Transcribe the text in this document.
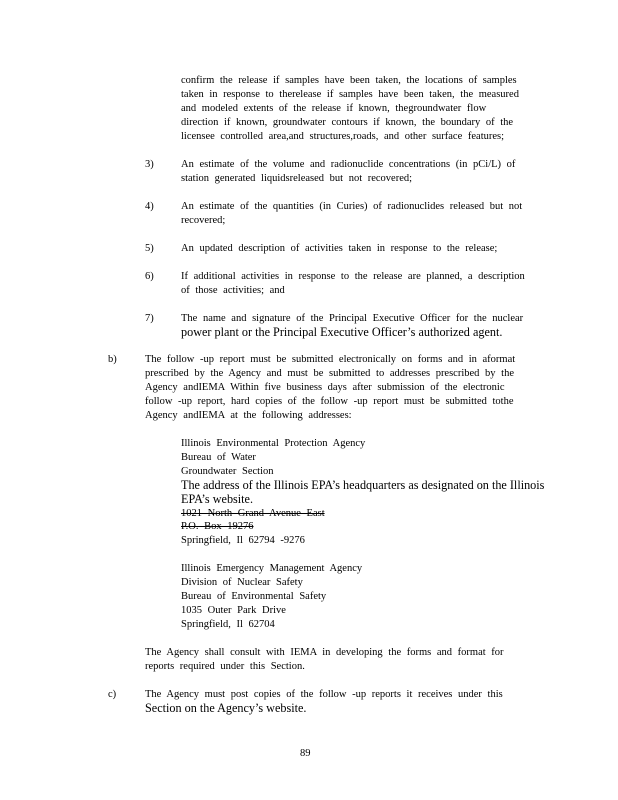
confirm the release if samples have been taken, the locations of samples
taken in response to therelease if samples have been taken, the measured
and modeled extents of the release if known, thegroundwater flow
direction if known, groundwater contours if known, the boundary of the
licensee controlled area,and structures,roads, and other surface features;
3)	An estimate of the volume and radionuclide concentrations (in pCi/L) of
station generated liquidsreleased but not recovered;
4)	An estimate of the quantities (in Curies) of radionuclides released but not
recovered;
5)	An updated description of activities taken in response to the release;
6)	If additional activities in response to the release are planned, a description
of those activities; and
7)	The name and signature of the Principal Executive Officer for the nuclear
power plant or the Principal Executive Officer’s authorized agent.
b)	The follow -up report must be submitted electronically on forms and in aformat
prescribed by the Agency and must be submitted to addresses prescribed by the
Agency andIEMA Within five business days after submission of the electronic
follow -up report, hard copies of the follow -up report must be submitted tothe
Agency andIEMA at the following addresses:
Illinois Environmental Protection Agency
Bureau of Water
Groundwater Section
The address of the Illinois EPA’s headquarters as designated on the Illinois
EPA’s website.
1021 North Grand Avenue East
P.O. Box 19276
Springfield, Il 62794 -9276
Illinois Emergency Management Agency
Division of Nuclear Safety
Bureau of Environmental Safety
1035 Outer Park Drive
Springfield, Il 62704
The Agency shall consult with IEMA in developing the forms and format for
reports required under this Section.
c)	The Agency must post copies of the follow -up reports it receives under this
Section on the Agency’s website.
89
